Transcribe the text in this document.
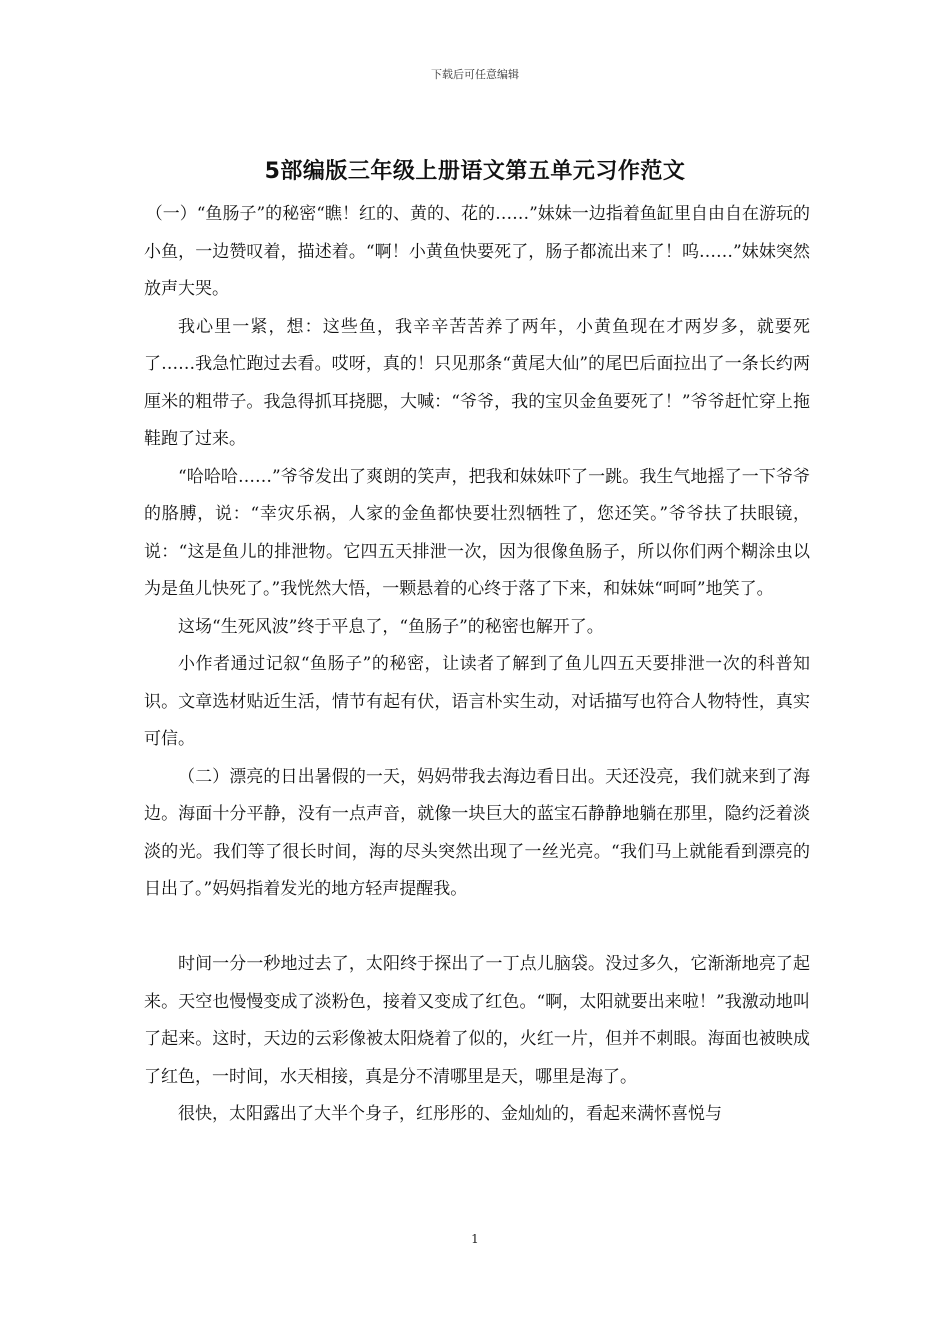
下载后可任意编辑
5部编版三年级上册语文第五单元习作范文

（一）“鱼肠子”的秘密“瞧！红的、黄的、花的……”妹妹一边指着鱼缸里自由自在游玩的小鱼，一边赞叹着，描述着。“啊！小黄鱼快要死了，肠子都流出来了！呜……”妹妹突然放声大哭。

我心里一紧，想：这些鱼，我辛辛苦苦养了两年，小黄鱼现在才两岁多，就要死了……我急忙跑过去看。哎呀，真的！只见那条“黄尾大仙”的尾巴后面拉出了一条长约两厘米的粗带子。我急得抓耳挠腮，大喊：“爷爷，我的宝贝金鱼要死了！”爷爷赶忙穿上拖鞋跑了过来。

“哈哈哈……”爷爷发出了爽朗的笑声，把我和妹妹吓了一跳。我生气地摇了一下爷爷的胳膊，说：“幸灾乐祸，人家的金鱼都快要壮烈牺牲了，您还笑。”爷爷扶了扶眼镜，说：“这是鱼儿的排泄物。它四五天排泄一次，因为很像鱼肠子，所以你们两个糊涂虫以为是鱼儿快死了。”我恍然大悟，一颗悬着的心终于落了下来，和妹妹“呵呵”地笑了。

这场“生死风波”终于平息了，“鱼肠子”的秘密也解开了。

小作者通过记叙“鱼肠子”的秘密，让读者了解到了鱼儿四五天要排泄一次的科普知识。文章选材贴近生活，情节有起有伏，语言朴实生动，对话描写也符合人物特性，真实可信。

（二）漂亮的日出暑假的一天，妈妈带我去海边看日出。天还没亮，我们就来到了海边。海面十分平静，没有一点声音，就像一块巨大的蓝宝石静静地躺在那里，隐约泛着淡淡的光。我们等了很长时间，海的尽头突然出现了一丝光亮。“我们马上就能看到漂亮的日出了。”妈妈指着发光的地方轻声提醒我。

时间一分一秒地过去了，太阳终于探出了一丁点儿脑袋。没过多久，它渐渐地亮了起来。天空也慢慢变成了淡粉色，接着又变成了红色。“啊，太阳就要出来啦！”我激动地叫了起来。这时，天边的云彩像被太阳烧着了似的，火红一片，但并不刺眼。海面也被映成了红色，一时间，水天相接，真是分不清哪里是天，哪里是海了。

很快，太阳露出了大半个身子，红彤彤的、金灿灿的，看起来满怀喜悦与

1
